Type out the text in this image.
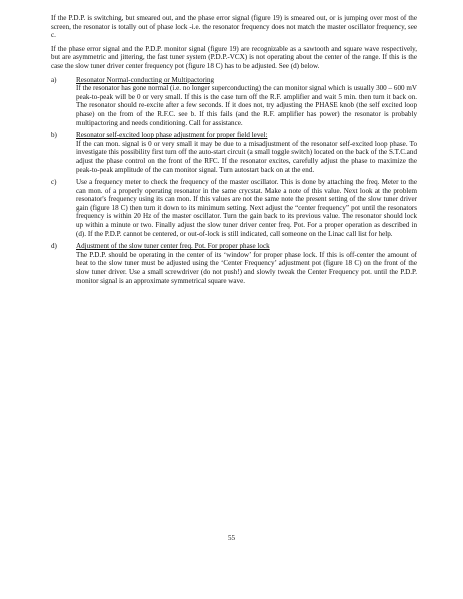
If the P.D.P. is switching, but smeared out, and the phase error signal (figure 19) is smeared out, or is jumping over most of the screen, the resonator is totally out of phase lock -i.e. the resonator frequency does not match the master oscillator frequency, see c.

If the phase error signal and the P.D.P. monitor signal (figure 19) are recognizable as a sawtooth and square wave respectively, but are asymmetric and jittering, the fast tuner system (P.D.P.-VCX) is not operating about the center of the range. If this is the case the slow tuner driver center frequency pot (figure 18 C) has to be adjusted. See (d) below.

a)	Resonator Normal-conducting or Multipactoring

If the resonator has gone normal (i.e. no longer superconducting) the can monitor signal which is usually 300 – 600 mV peak-to-peak will be 0 or very small. If this is the case turn off the R.F. amplifier and wait 5 min. then turn it back on. The resonator should re-excite after a few seconds. If it does not, try adjusting the PHASE knob (the self excited loop phase) on the from of the R.F.C. see b. If this fails (and the R.F. amplifier has power) the resonator is probably multipactoring and needs conditioning. Call for assistance.

b)	Resonator self-excited loop phase adjustment for proper field level:

If the can mon. signal is 0 or very small it may be due to a misadjustment of the resonator self-excited loop phase. To investigate this possibility first turn off the auto-start circuit (a small toggle switch) located on the back of the S.T.C.and adjust the phase control on the front of the RFC. If the resonator excites, carefully adjust the phase to maximize the peak-to-peak amplitude of the can monitor signal. Turn autostart back on at the end.

c)	Use a frequency meter to check the frequency of the master oscillator. This is done by attaching the freq. Meter to the can mon. of a properly operating resonator in the same crycstat. Make a note of this value. Next look at the problem resonator's frequency using its can mon. If this values are not the same note the present setting of the slow tuner driver gain (figure 18 C) then turn it down to its minimum setting. Next adjust the “center frequency” pot until the resonators frequency is within 20 Hz of the master oscillator. Turn the gain back to its previous value. The resonator should lock up within a minute or two. Finally adjust the slow tuner driver center freq. Pot. For a proper operation as described in (d). If the P.D.P. cannot be centered, or out-of-lock is still indicated, call someone on the Linac call list for help.

d)	Adjustment of the slow tuner center freq. Pot. For proper phase lock

The P.D.P. should be operating in the center of its ‘window’ for proper phase lock. If this is off-center the amount of heat to the slow tuner must be adjusted using the ‘Center Frequency’ adjustment pot (figure 18 C) on the front of the slow tuner driver. Use a small screwdriver (do not push!) and slowly tweak the Center Frequency pot. until the P.D.P. monitor signal is an approximate symmetrical square wave.

55
